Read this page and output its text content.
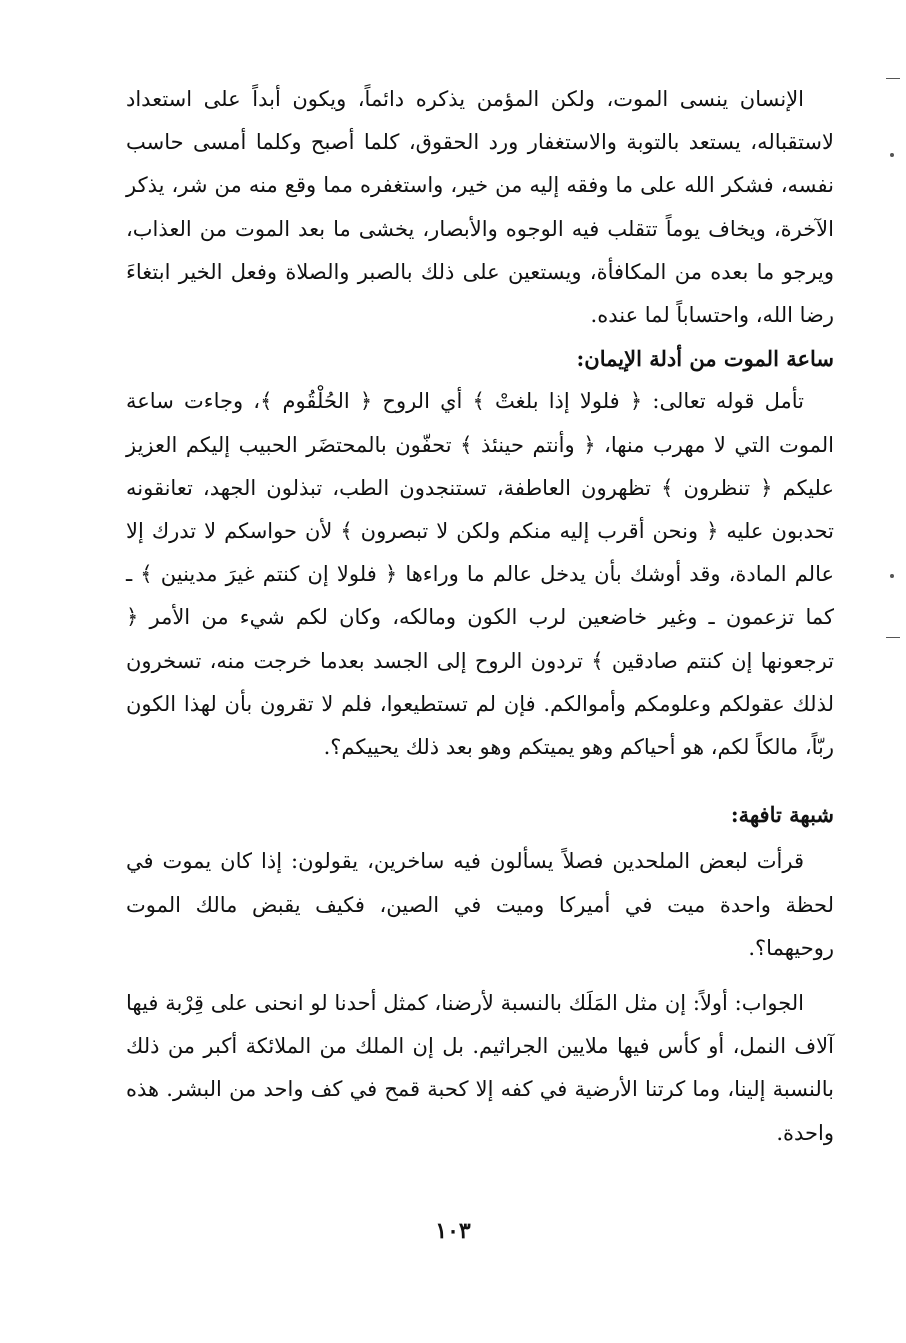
الإنسان ينسى الموت، ولكن المؤمن يذكره دائماً، ويكون أبداً على استعداد لاستقباله، يستعد بالتوبة والاستغفار ورد الحقوق، كلما أصبح وكلما أمسى حاسب نفسه، فشكر الله على ما وفقه إليه من خير، واستغفره مما وقع منه من شر، يذكر الآخرة، ويخاف يوماً تتقلب فيه الوجوه والأبصار، يخشى ما بعد الموت من العذاب، ويرجو ما بعده من المكافأة، ويستعين على ذلك بالصبر والصلاة وفعل الخير ابتغاءَ رضا الله، واحتساباً لما عنده.

ساعة الموت من أدلة الإيمان:

تأمل قوله تعالى: ﴿ فلولا إذا بلغتْ ﴾ أي الروح ﴿ الحُلْقُوم ﴾، وجاءت ساعة الموت التي لا مهرب منها، ﴿ وأنتم حينئذ ﴾ تحفّون بالمحتضَر الحبيب إليكم العزيز عليكم ﴿ تنظرون ﴾ تظهرون العاطفة، تستنجدون الطب، تبذلون الجهد، تعانقونه تحدبون عليه ﴿ ونحن أقرب إليه منكم ولكن لا تبصرون ﴾ لأن حواسكم لا تدرك إلا عالم المادة، وقد أوشك بأن يدخل عالم ما وراءها ﴿ فلولا إن كنتم غيرَ مدينين ﴾ ـ كما تزعمون ـ وغير خاضعين لرب الكون ومالكه، وكان لكم شيء من الأمر ﴿ ترجعونها إن كنتم صادقين ﴾ تردون الروح إلى الجسد بعدما خرجت منه، تسخرون لذلك عقولكم وعلومكم وأموالكم. فإن لم تستطيعوا، فلم لا تقرون بأن لهذا الكون ربّاً، مالكاً لكم، هو أحياكم وهو يميتكم وهو بعد ذلك يحييكم؟.

شبهة تافهة:

قرأت لبعض الملحدين فصلاً يسألون فيه ساخرين، يقولون: إذا كان يموت في لحظة واحدة ميت في أميركا وميت في الصين، فكيف يقبض مالك الموت روحيهما؟.

الجواب: أولاً: إن مثل المَلَك بالنسبة لأرضنا، كمثل أحدنا لو انحنى على قِرْبة فيها آلاف النمل، أو كأس فيها ملايين الجراثيم. بل إن الملك من الملائكة أكبر من ذلك بالنسبة إلينا، وما كرتنا الأرضية في كفه إلا كحبة قمح في كف واحد من البشر. هذه واحدة.

١٠٣
